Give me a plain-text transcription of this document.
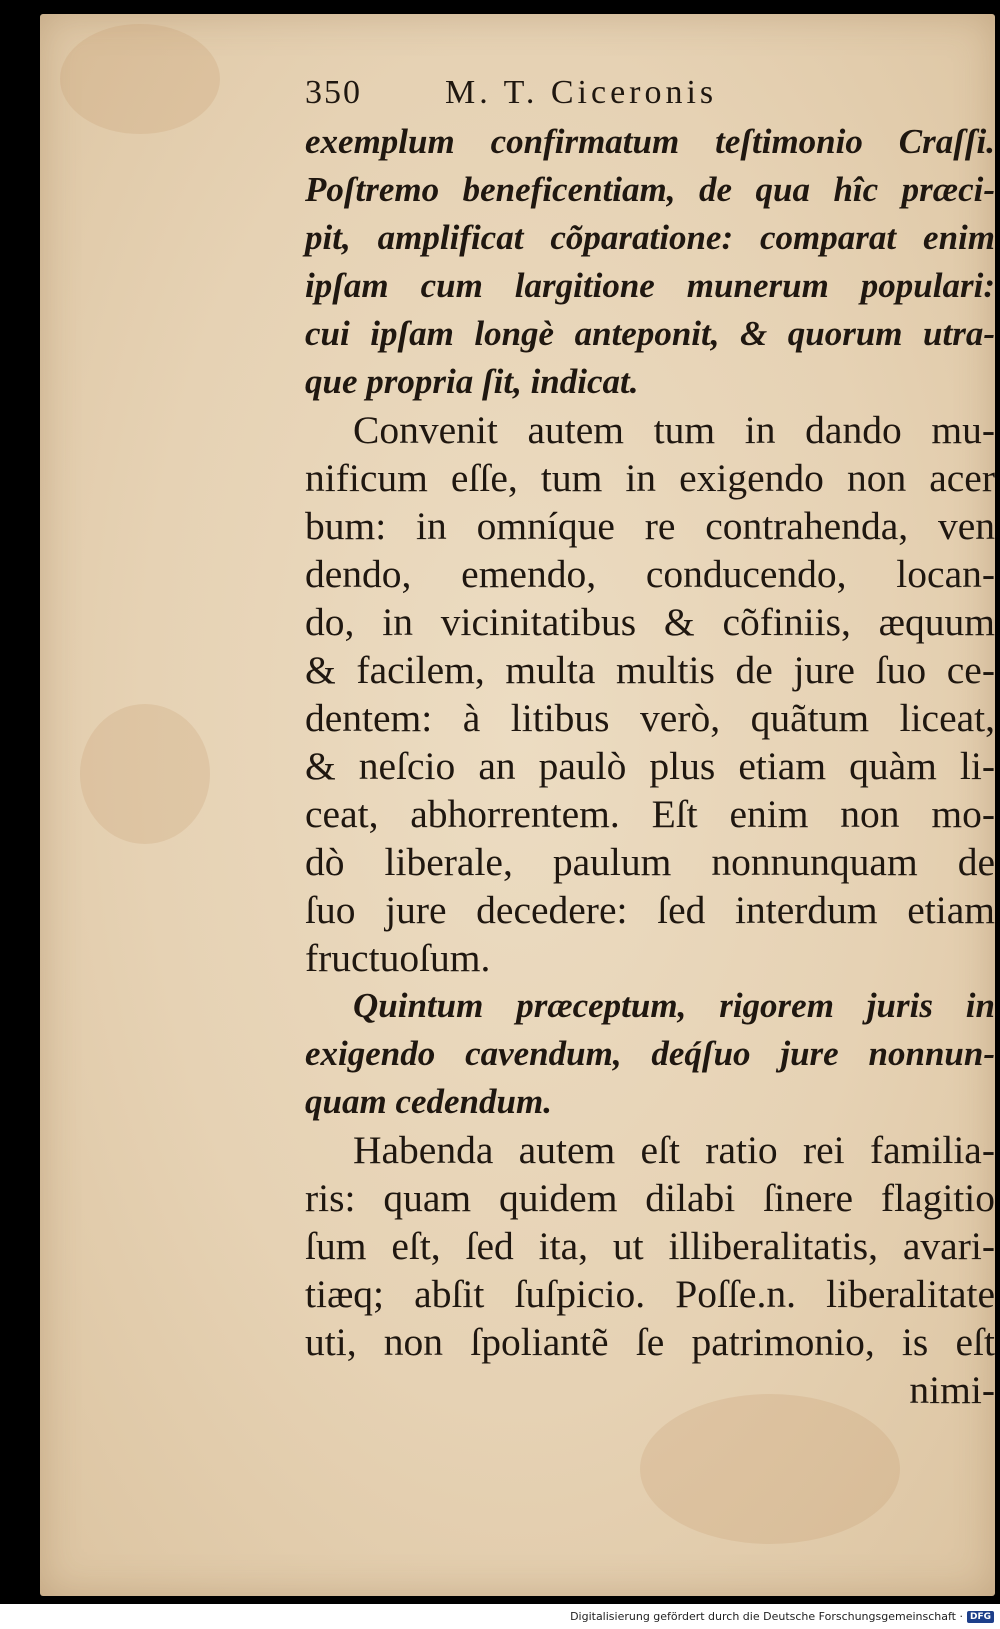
350	M. T. Ciceronis
exemplum confirmatum teſtimonio Craſſi.
Poſtremo beneficentiam, de qua hîc præci-
pit, amplificat cõparatione: comparat enim
ipſam cum largitione munerum populari:
cui ipſam longè anteponit, & quorum utra-
que propria ſit, indicat.
Convenit autem tum in dando mu-
nificum eſſe, tum in exigendo non acer
bum: in omníque re contrahenda, ven
dendo, emendo, conducendo, locan-
do, in vicinitatibus & cõfiniis, æquum
& facilem, multa multis de jure ſuo ce-
dentem: à litibus verò, quãtum liceat,
& neſcio an paulò plus etiam quàm li-
ceat, abhorrentem. Eſt enim non mo-
dò liberale, paulum nonnunquam de
ſuo jure decedere: ſed interdum etiam
fructuoſum.
Quintum præceptum, rigorem juris in
exigendo cavendum, deq́ſuo jure nonnun-
quam cedendum.
Habenda autem eſt ratio rei familia-
ris: quam quidem dilabi ſinere flagitio
ſum eſt, ſed ita, ut illiberalitatis, avari-
tiæq; abſit ſuſpicio. Poſſe.n. liberalitate
uti, non ſpoliantẽ ſe patrimonio, is eſt
nimi-
Digitalisierung gefördert durch die Deutsche Forschungsgemeinschaft · DFG
